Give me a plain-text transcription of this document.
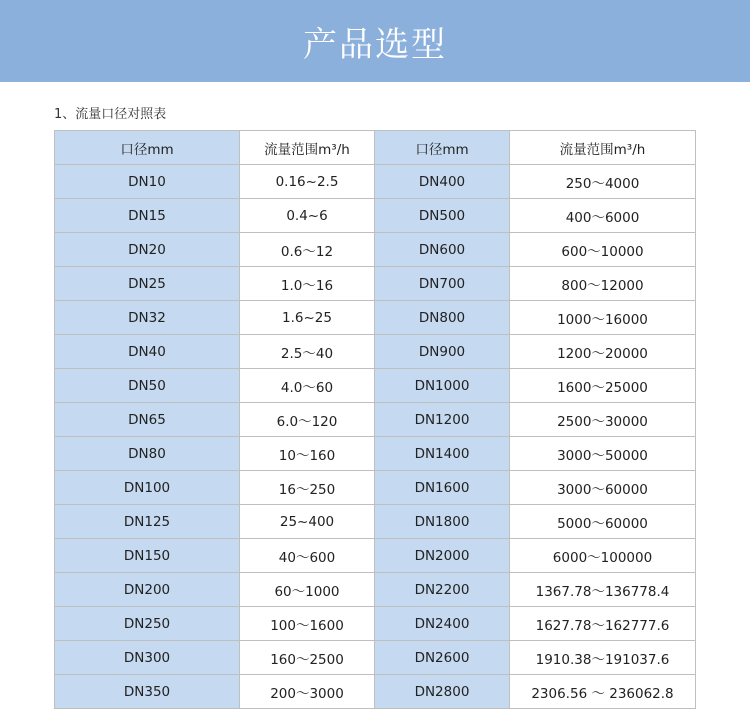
产品选型
1、流量口径对照表
口径mm	流量范围m³/h	口径mm	流量范围m³/h
DN10	0.16~2.5	DN400	250～4000
DN15	0.4~6	DN500	400～6000
DN20	0.6～12	DN600	600～10000
DN25	1.0～16	DN700	800～12000
DN32	1.6~25	DN800	1000～16000
DN40	2.5～40	DN900	1200～20000
DN50	4.0～60	DN1000	1600～25000
DN65	6.0～120	DN1200	2500～30000
DN80	10～160	DN1400	3000～50000
DN100	16～250	DN1600	3000～60000
DN125	25~400	DN1800	5000～60000
DN150	40～600	DN2000	6000～100000
DN200	60～1000	DN2200	1367.78～136778.4
DN250	100～1600	DN2400	1627.78～162777.6
DN300	160～2500	DN2600	1910.38～191037.6
DN350	200～3000	DN2800	2306.56 ～ 236062.8
